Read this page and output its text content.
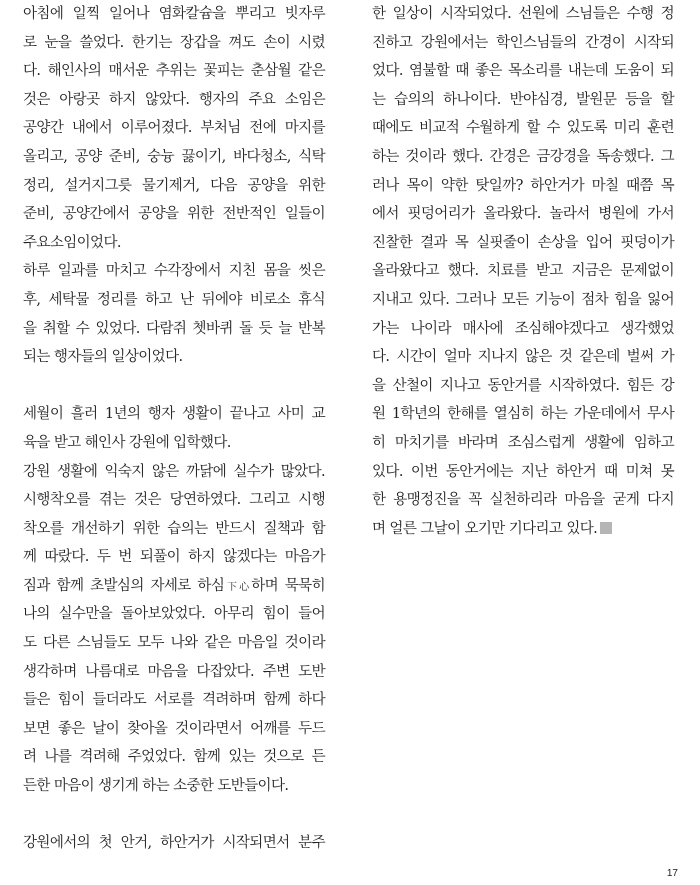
아침에 일찍 일어나 염화칼슘을 뿌리고 빗자루
로 눈을 쓸었다. 한기는 장갑을 껴도 손이 시렸
다. 해인사의 매서운 추위는 꽃피는 춘삼월 같은
것은 아랑곳 하지 않았다. 행자의 주요 소임은
공양간 내에서 이루어졌다. 부처님 전에 마지를
올리고, 공양 준비, 숭늉 끓이기, 바다청소, 식탁
정리, 설거지그릇 물기제거, 다음 공양을 위한
준비, 공양간에서 공양을 위한 전반적인 일들이
주요소임이었다.
하루 일과를 마치고 수각장에서 지친 몸을 씻은
후, 세탁물 정리를 하고 난 뒤에야 비로소 휴식
을 취할 수 있었다. 다람쥐 쳇바퀴 돌 듯 늘 반복
되는 행자들의 일상이었다.
세월이 흘러 1년의 행자 생활이 끝나고 사미 교
육을 받고 해인사 강원에 입학했다.
강원 생활에 익숙지 않은 까닭에 실수가 많았다.
시행착오를 겪는 것은 당연하였다. 그리고 시행
착오를 개선하기 위한 습의는 반드시 질책과 함
께 따랐다. 두 번 되풀이 하지 않겠다는 마음가
짐과 함께 초발심의 자세로 하심下心하며 묵묵히
나의 실수만을 돌아보았었다. 아무리 힘이 들어
도 다른 스님들도 모두 나와 같은 마음일 것이라
생각하며 나름대로 마음을 다잡았다. 주변 도반
들은 힘이 들더라도 서로를 격려하며 함께 하다
보면 좋은 날이 찾아올 것이라면서 어깨를 두드
려 나를 격려해 주었었다. 함께 있는 것으로 든
든한 마음이 생기게 하는 소중한 도반들이다.
강원에서의 첫 안거, 하안거가 시작되면서 분주
한 일상이 시작되었다. 선원에 스님들은 수행 정
진하고 강원에서는 학인스님들의 간경이 시작되
었다. 염불할 때 좋은 목소리를 내는데 도움이 되
는 습의의 하나이다. 반야심경, 발원문 등을 할
때에도 비교적 수월하게 할 수 있도록 미리 훈련
하는 것이라 했다. 간경은 금강경을 독송했다. 그
러나 목이 약한 탓일까? 하안거가 마칠 때쯤 목
에서 핏덩어리가 올라왔다. 놀라서 병원에 가서
진찰한 결과 목 실핏줄이 손상을 입어 핏덩이가
올라왔다고 했다. 치료를 받고 지금은 문제없이
지내고 있다. 그러나 모든 기능이 점차 힘을 잃어
가는 나이라 매사에 조심해야겠다고 생각했었
다. 시간이 얼마 지나지 않은 것 같은데 벌써 가
을 산철이 지나고 동안거를 시작하였다. 힘든 강
원 1학년의 한해를 열심히 하는 가운데에서 무사
히 마치기를 바라며 조심스럽게 생활에 임하고
있다. 이번 동안거에는 지난 하안거 때 미쳐 못
한 용맹정진을 꼭 실천하리라 마음을 굳게 다지
며 얼른 그날이 오기만 기다리고 있다.
17
